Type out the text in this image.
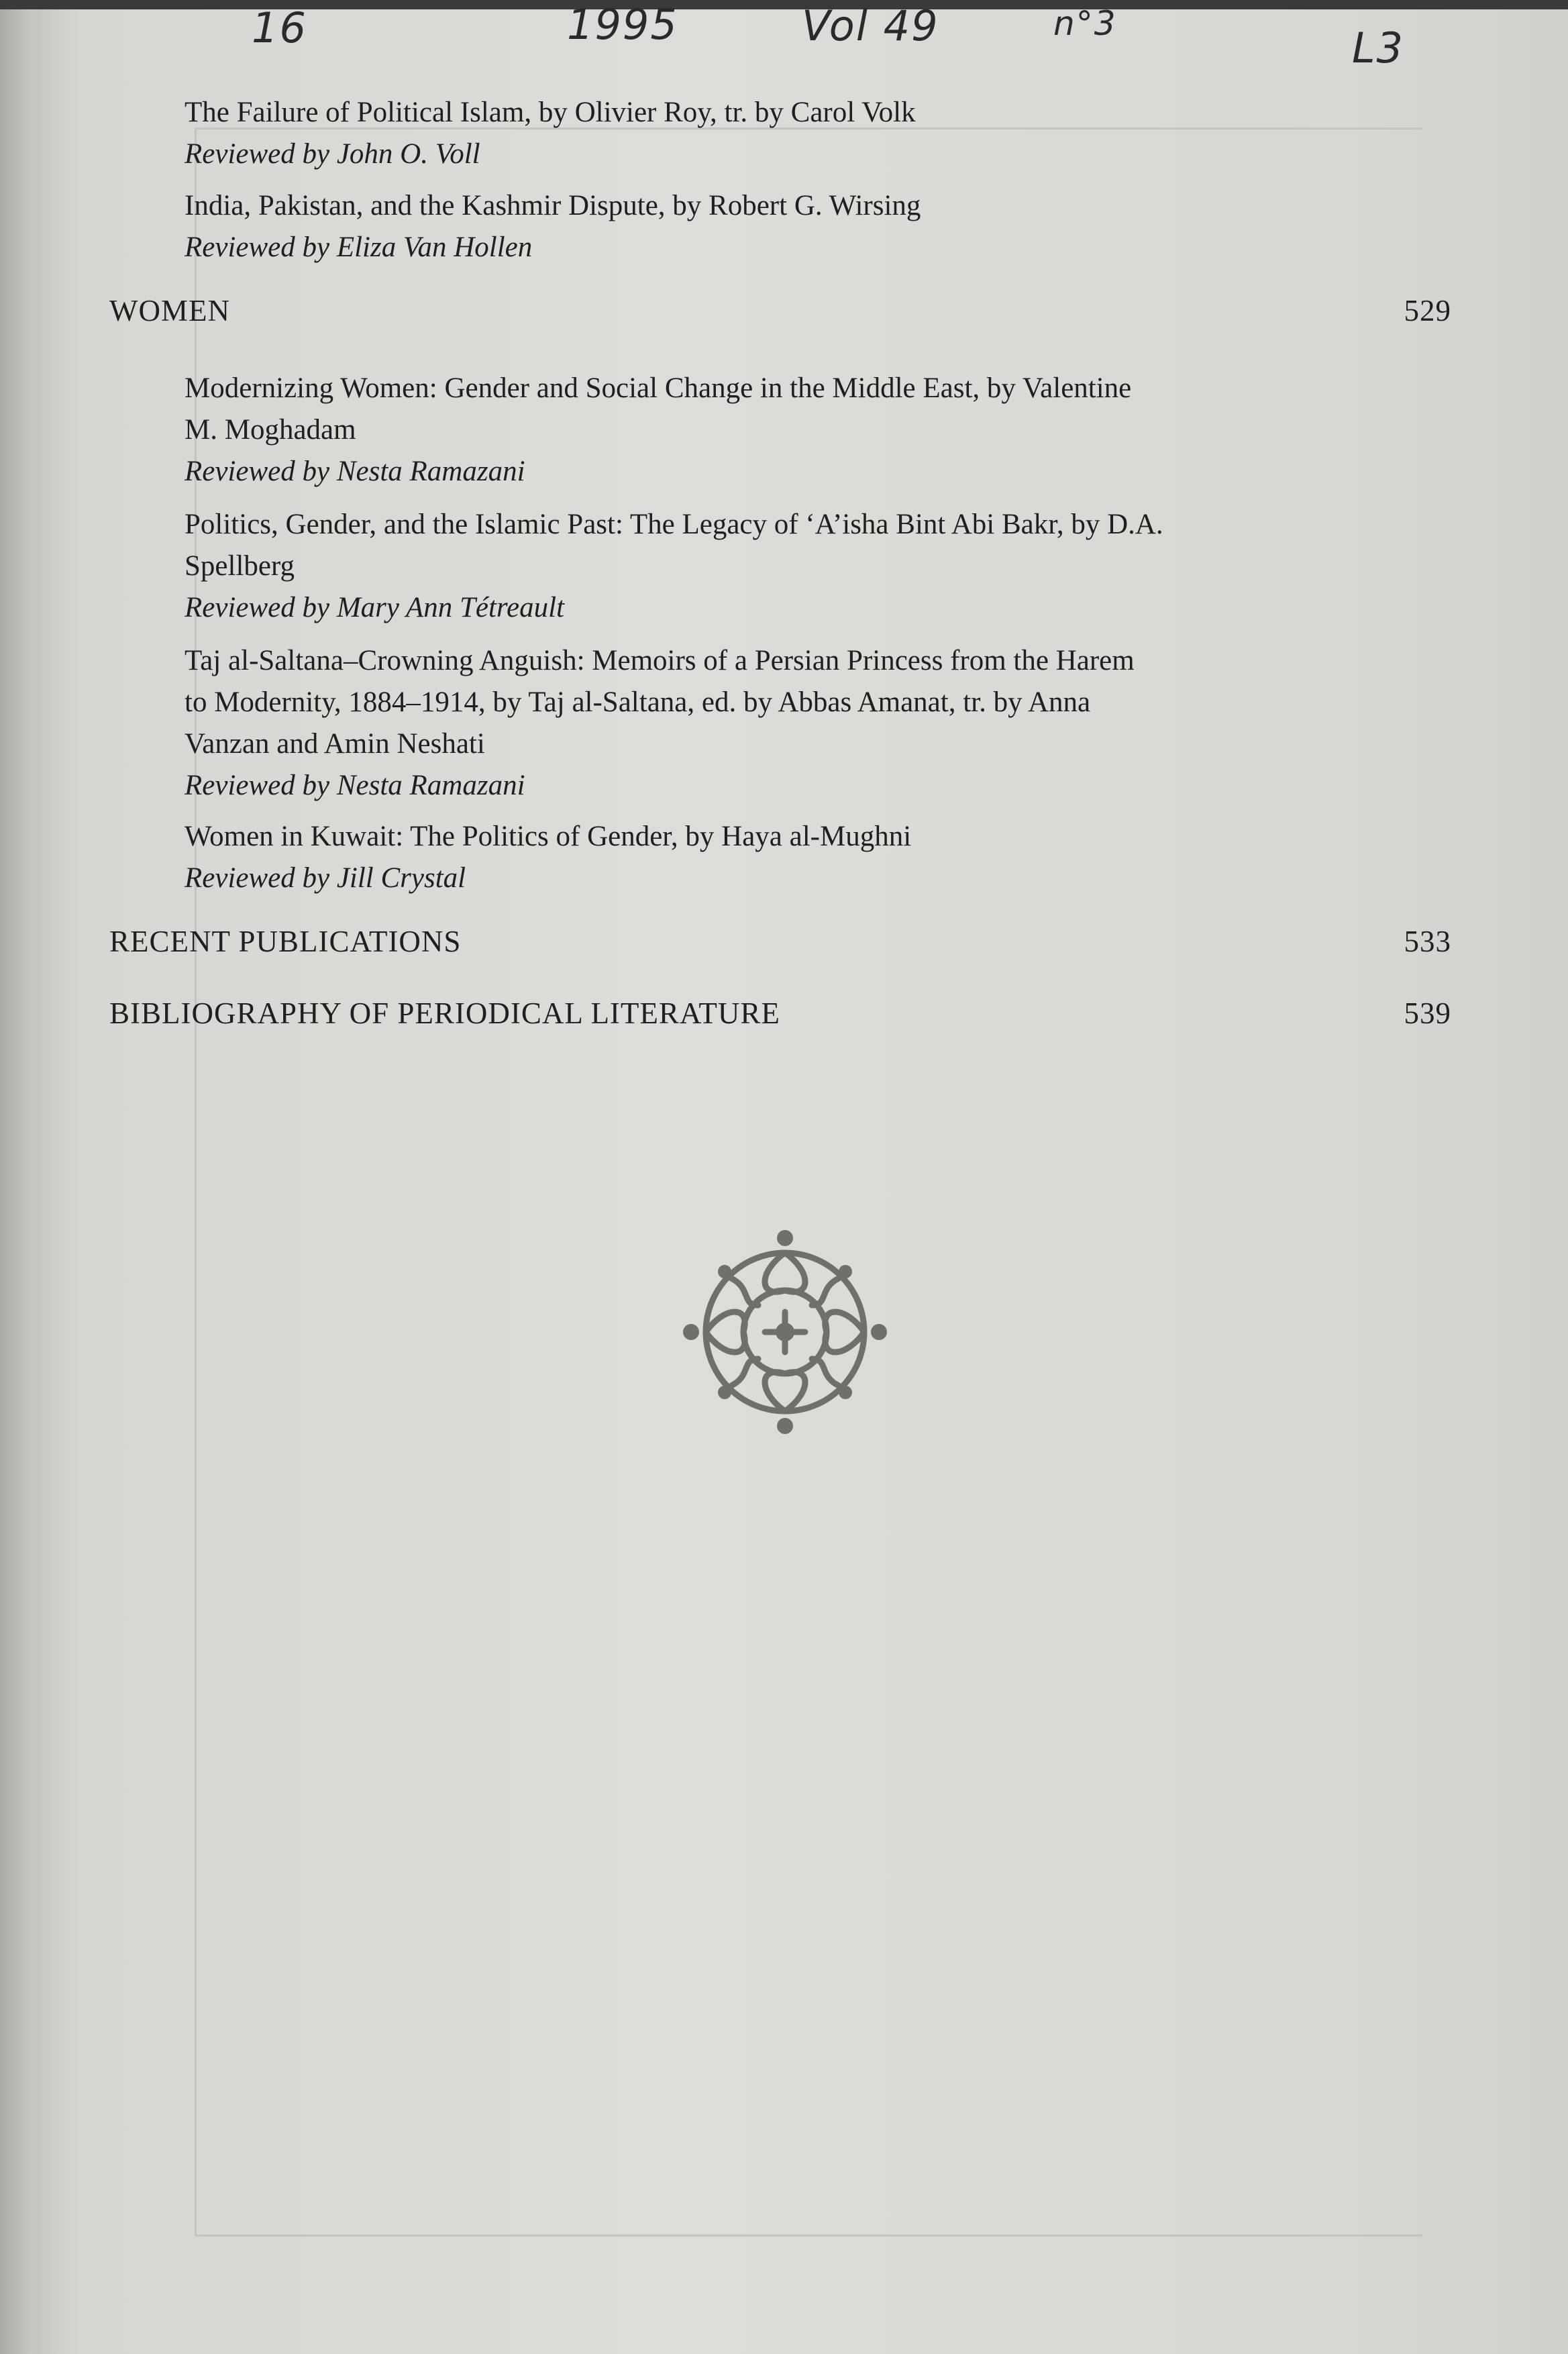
16	1995	Vol 49	n°3	L3
The Failure of Political Islam, by Olivier Roy, tr. by Carol Volk
Reviewed by John O. Voll
India, Pakistan, and the Kashmir Dispute, by Robert G. Wirsing
Reviewed by Eliza Van Hollen
WOMEN	529
Modernizing Women: Gender and Social Change in the Middle East, by Valentine
M. Moghadam
Reviewed by Nesta Ramazani
Politics, Gender, and the Islamic Past: The Legacy of ‘A’isha Bint Abi Bakr, by D.A.
Spellberg
Reviewed by Mary Ann Tétreault
Taj al-Saltana–Crowning Anguish: Memoirs of a Persian Princess from the Harem
to Modernity, 1884–1914, by Taj al-Saltana, ed. by Abbas Amanat, tr. by Anna
Vanzan and Amin Neshati
Reviewed by Nesta Ramazani
Women in Kuwait: The Politics of Gender, by Haya al-Mughni
Reviewed by Jill Crystal
RECENT PUBLICATIONS	533
BIBLIOGRAPHY OF PERIODICAL LITERATURE	539
